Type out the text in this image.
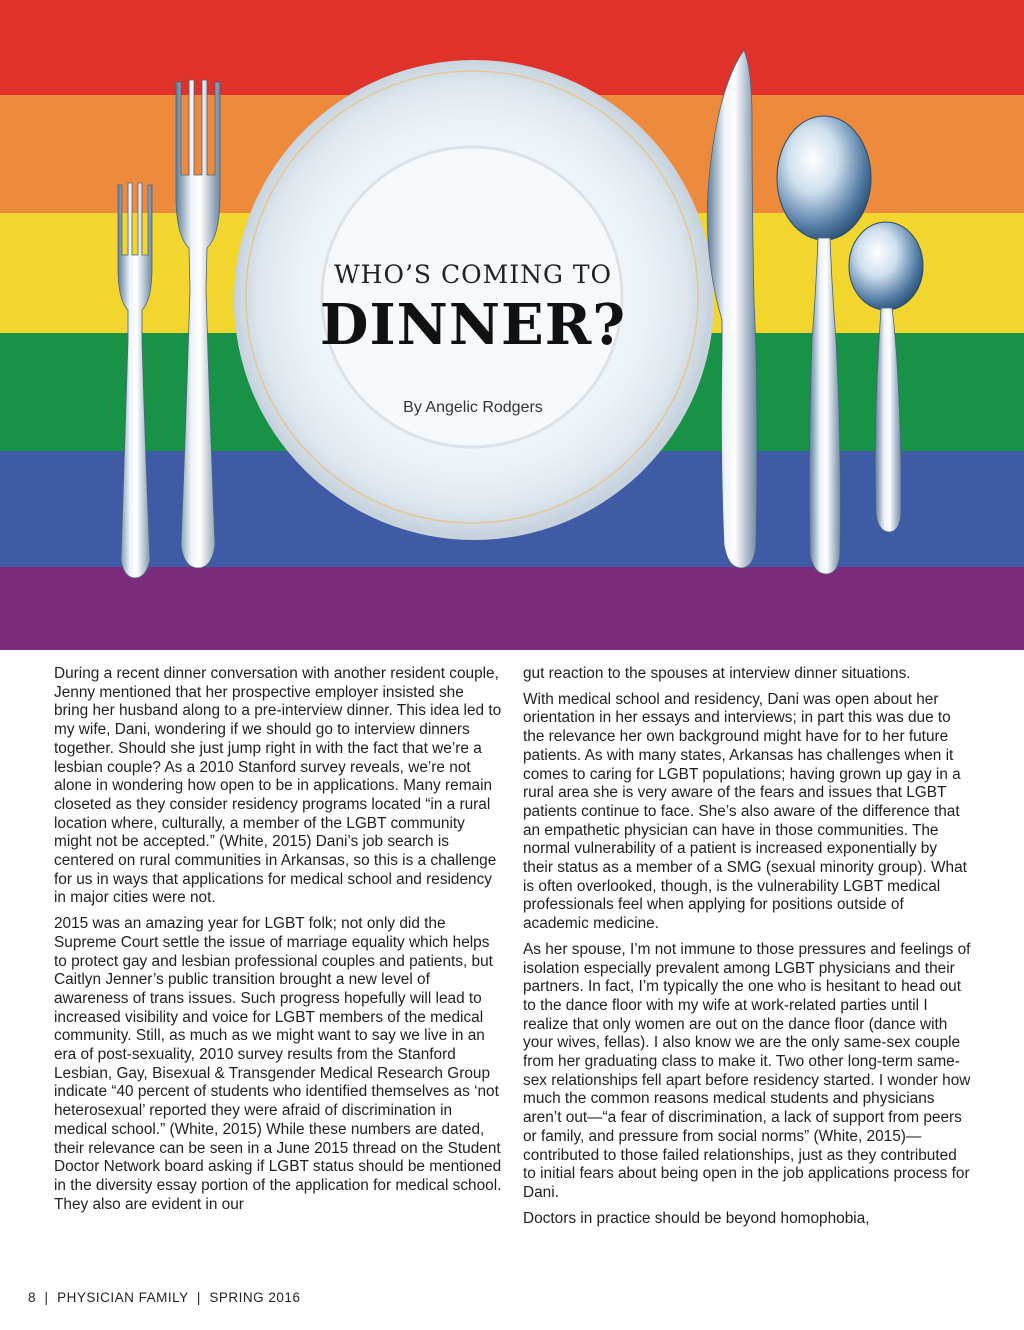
WHO’S COMING TO

DINNER?
By Angelic Rodgers

During a recent dinner conversation with another resident couple, Jenny mentioned that her prospective employer insisted she bring her husband along to a pre-interview dinner. This idea led to my wife, Dani, wondering if we should go to interview dinners together. Should she just jump right in with the fact that we’re a lesbian couple? As a 2010 Stanford survey reveals, we’re not alone in wondering how open to be in applications. Many remain closeted as they consider residency programs located “in a rural location where, culturally, a member of the LGBT community might not be accepted.” (White, 2015) Dani’s job search is centered on rural communities in Arkansas, so this is a challenge for us in ways that applications for medical school and residency in major cities were not.

2015 was an amazing year for LGBT folk; not only did the Supreme Court settle the issue of marriage equality which helps to protect gay and lesbian professional couples and patients, but Caitlyn Jenner’s public transition brought a new level of awareness of trans issues. Such progress hopefully will lead to increased visibility and voice for LGBT members of the medical community. Still, as much as we might want to say we live in an era of post-sexuality, 2010 survey results from the Stanford Lesbian, Gay, Bisexual & Transgender Medical Research Group indicate “40 percent of students who identified themselves as ‘not heterosexual’ reported they were afraid of discrimination in medical school.” (White, 2015) While these numbers are dated, their relevance can be seen in a June 2015 thread on the Student Doctor Network board asking if LGBT status should be mentioned in the diversity essay portion of the application for medical school. They also are evident in our

gut reaction to the spouses at interview dinner situations.

With medical school and residency, Dani was open about her orientation in her essays and interviews; in part this was due to the relevance her own background might have for to her future patients. As with many states, Arkansas has challenges when it comes to caring for LGBT populations; having grown up gay in a rural area she is very aware of the fears and issues that LGBT patients continue to face. She’s also aware of the difference that an empathetic physician can have in those communities. The normal vulnerability of a patient is increased exponentially by their status as a member of a SMG (sexual minority group). What is often overlooked, though, is the vulnerability LGBT medical professionals feel when applying for positions outside of academic medicine.

As her spouse, I’m not immune to those pressures and feelings of isolation especially prevalent among LGBT physicians and their partners. In fact, I’m typically the one who is hesitant to head out to the dance floor with my wife at work-related parties until I realize that only women are out on the dance floor (dance with your wives, fellas). I also know we are the only same-sex couple from her graduating class to make it. Two other long-term same-sex relationships fell apart before residency started. I wonder how much the common reasons medical students and physicians aren’t out—“a fear of discrimination, a lack of support from peers or family, and pressure from social norms” (White, 2015)—contributed to those failed relationships, just as they contributed to initial fears about being open in the job applications process for Dani.

Doctors in practice should be beyond homophobia,

8 | PHYSICIAN FAMILY | SPRING 2016
